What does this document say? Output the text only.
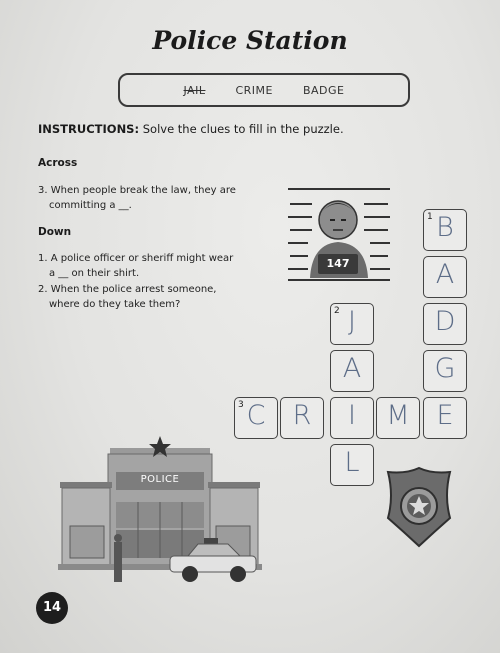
Police Station
JAIL	CRIME	BADGE
INSTRUCTIONS: Solve the clues to fill in the puzzle.
Across
3. When people break the law, they are
committing a __.
Down
1. A police officer or sheriff might wear
a __ on their shirt.
2. When the police arrest someone,
where do they take them?
147
1 B
A
D
G
2 J
A
3 C	R	I	M E
L
POLICE
14
